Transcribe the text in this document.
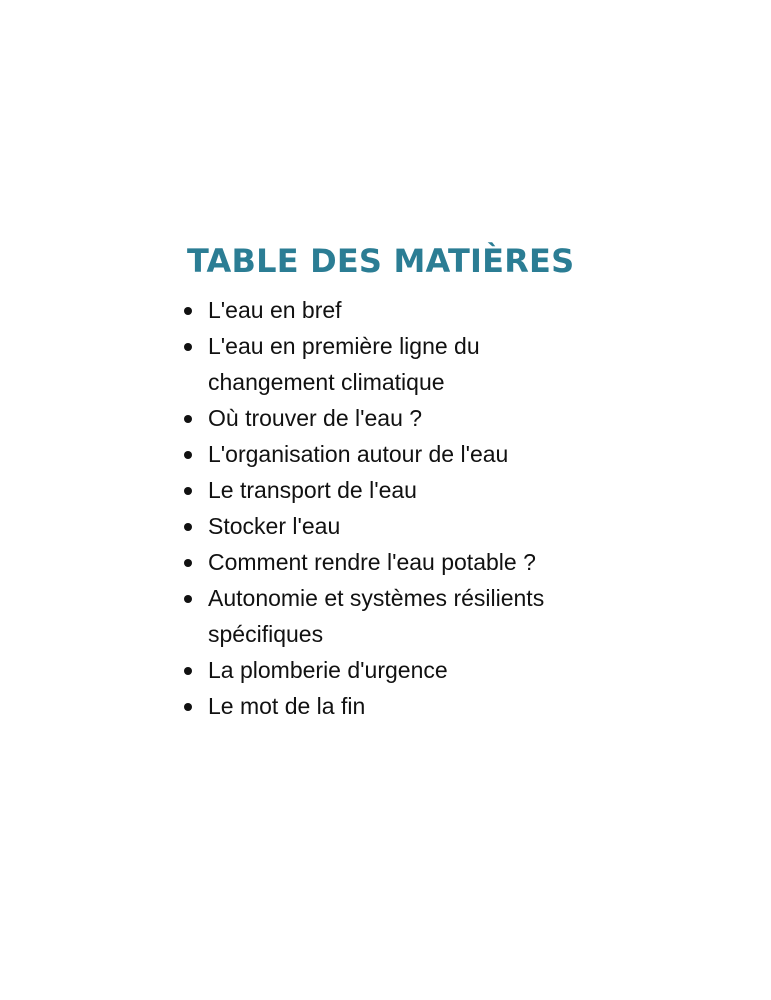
TABLE DES MATIÈRES
L'eau en bref
L'eau en première ligne du changement climatique
Où trouver de l'eau ?
L'organisation autour de l'eau
Le transport de l'eau
Stocker l'eau
Comment rendre l'eau potable ?
Autonomie et systèmes résilients spécifiques
La plomberie d'urgence
Le mot de la fin
